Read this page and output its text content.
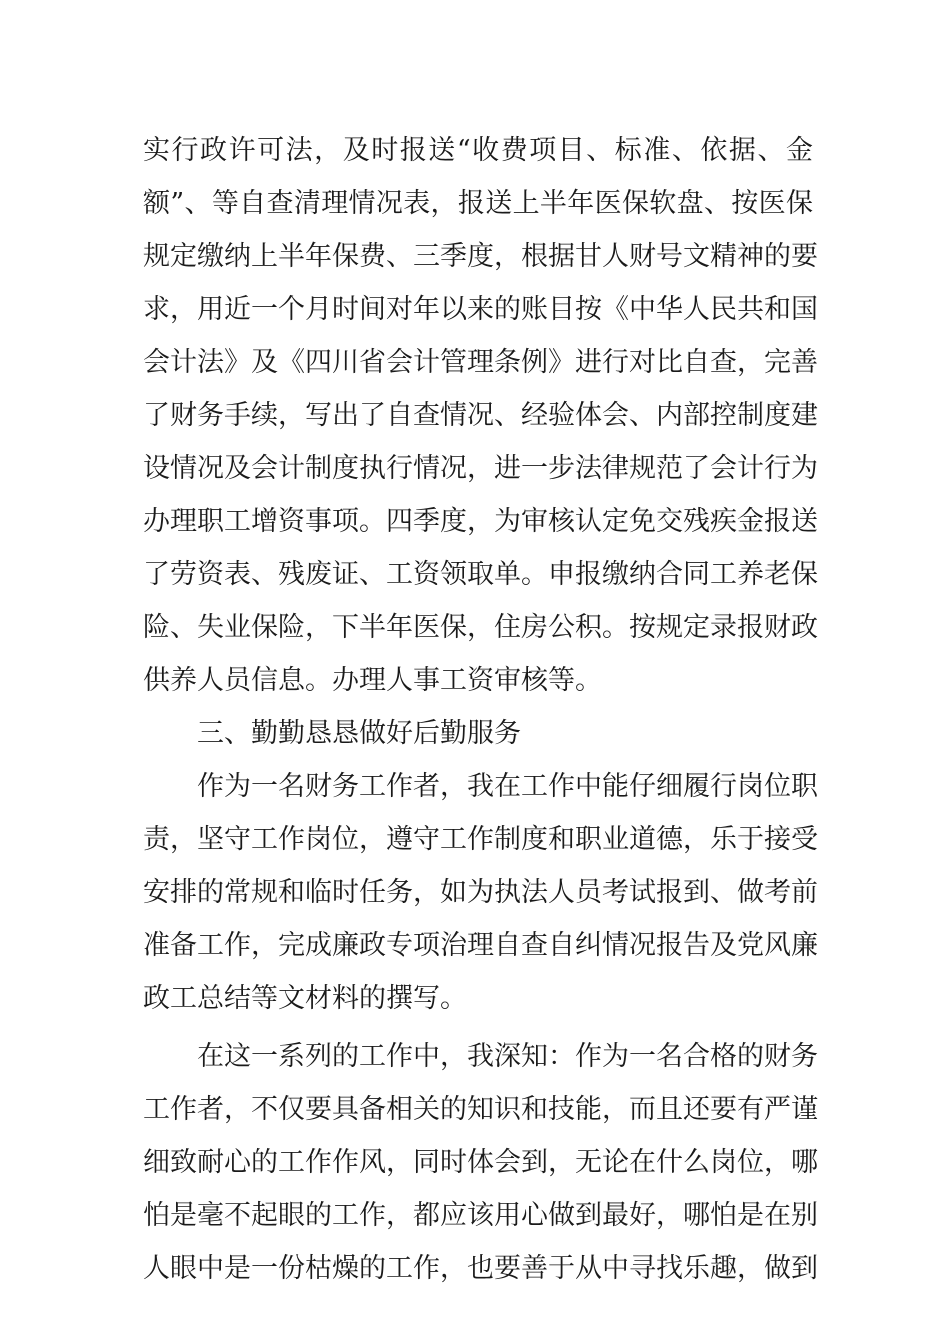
实行政许可法，及时报送“收费项目、标准、依据、金
额”、等自查清理情况表，报送上半年医保软盘、按医保
规定缴纳上半年保费、三季度，根据甘人财号文精神的要
求，用近一个月时间对年以来的账目按《中华人民共和国
会计法》及《四川省会计管理条例》进行对比自查，完善
了财务手续，写出了自查情况、经验体会、内部控制度建
设情况及会计制度执行情况，进一步法律规范了会计行为
办理职工增资事项。四季度，为审核认定免交残疾金报送
了劳资表、残废证、工资领取单。申报缴纳合同工养老保
险、失业保险，下半年医保，住房公积。按规定录报财政
供养人员信息。办理人事工资审核等。
三、勤勤恳恳做好后勤服务
作为一名财务工作者，我在工作中能仔细履行岗位职
责，坚守工作岗位，遵守工作制度和职业道德，乐于接受
安排的常规和临时任务，如为执法人员考试报到、做考前
准备工作，完成廉政专项治理自查自纠情况报告及党风廉
政工总结等文材料的撰写。
在这一系列的工作中，我深知：作为一名合格的财务
工作者，不仅要具备相关的知识和技能，而且还要有严谨
细致耐心的工作作风，同时体会到，无论在什么岗位，哪
怕是毫不起眼的工作，都应该用心做到最好，哪怕是在别
人眼中是一份枯燥的工作，也要善于从中寻找乐趣，做到
